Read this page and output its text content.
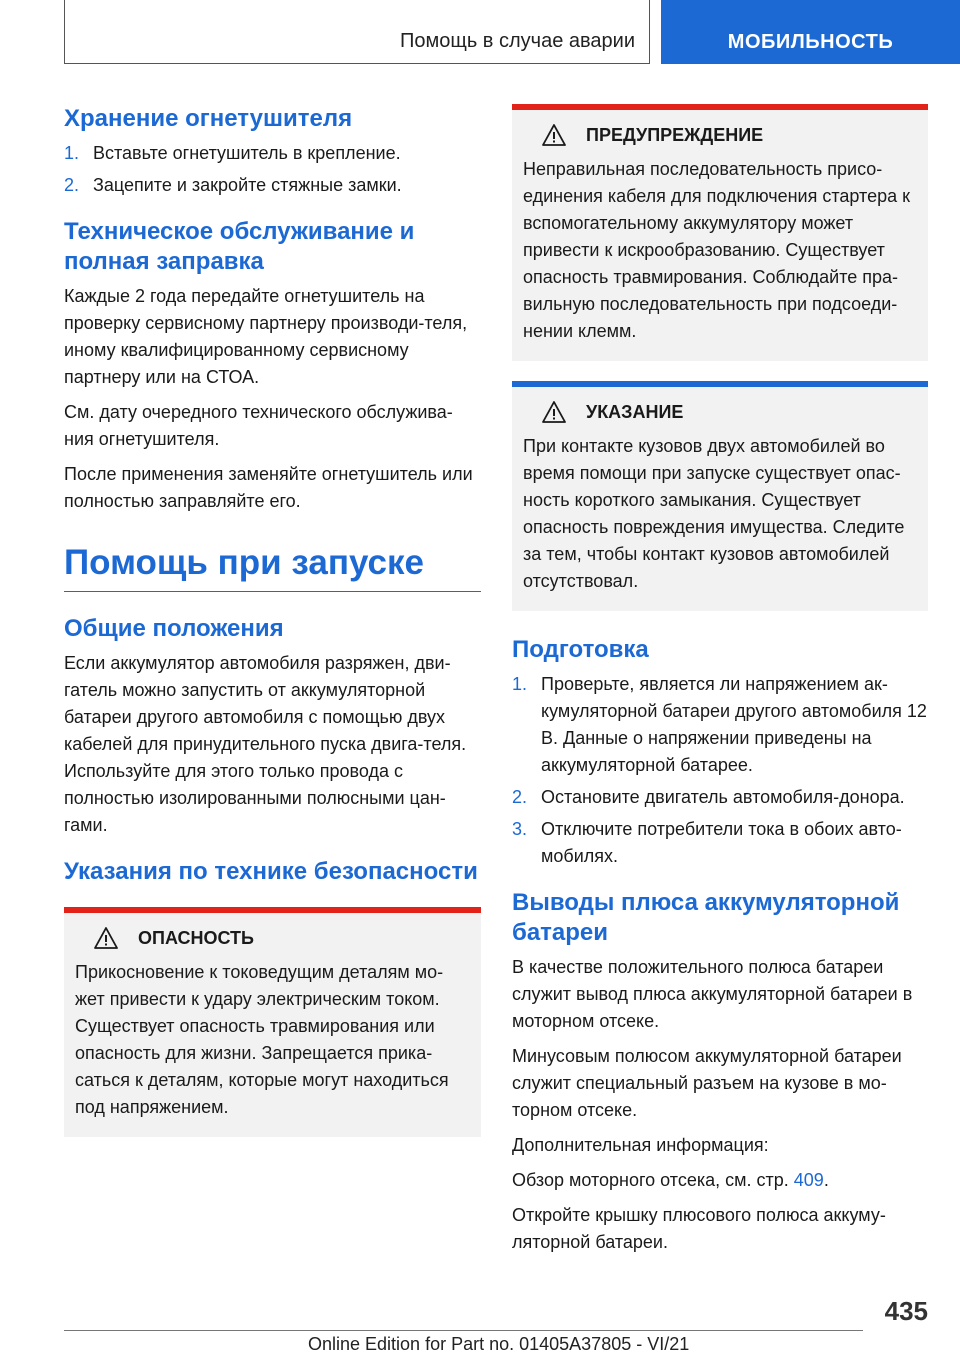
Помощь в случае аварии	МОБИЛЬНОСТЬ
Хранение огнетушителя
1. Вставьте огнетушитель в крепление.
2. Зацепите и закройте стяжные замки.
Техническое обслуживание и полная заправка

Каждые 2 года передайте огнетушитель на проверку сервисному партнеру производи‐теля, иному квалифицированному сервисному партнеру или на СТОА.

См. дату очередного технического обслужива‐ния огнетушителя.

После применения заменяйте огнетушитель или полностью заправляйте его.

Помощь при запуске
Общие положения

Если аккумулятор автомобиля разряжен, дви‐гатель можно запустить от аккумуляторной батареи другого автомобиля с помощью двух кабелей для принудительного пуска двига‐теля. Используйте для этого только провода с полностью изолированными полюсными цан‐гами.

Указания по технике безопасности
ОПАСНОСТЬ

Прикосновение к токоведущим деталям мо‐жет привести к удару электрическим током. Существует опасность травмирования или опасность для жизни. Запрещается прика‐саться к деталям, которые могут находиться под напряжением.

ПРЕДУПРЕЖДЕНИЕ

Неправильная последовательность присо‐единения кабеля для подключения стартера к вспомогательному аккумулятору может привести к искрообразованию. Существует опасность травмирования. Соблюдайте пра‐вильную последовательность при подсоеди‐нении клемм.

УКАЗАНИЕ

При контакте кузовов двух автомобилей во время помощи при запуске существует опас‐ность короткого замыкания. Существует опасность повреждения имущества. Следите за тем, чтобы контакт кузовов автомобилей отсутствовал.

Подготовка
1. Проверьте, является ли напряжением ак‐кумуляторной батареи другого автомобиля 12 В. Данные о напряжении приведены на аккумуляторной батарее.
2. Остановите двигатель автомобиля-донора.
3. Отключите потребители тока в обоих авто‐мобилях.
Выводы плюса аккумуляторной батареи

В качестве положительного полюса батареи служит вывод плюса аккумуляторной батареи в моторном отсеке.

Минусовым полюсом аккумуляторной батареи служит специальный разъем на кузове в мо‐торном отсеке.

Дополнительная информация:

Обзор моторного отсека, см. стр. 409.

Откройте крышку плюсового полюса аккуму‐ляторной батареи.

435
Online Edition for Part no. 01405A37805 - VI/21
